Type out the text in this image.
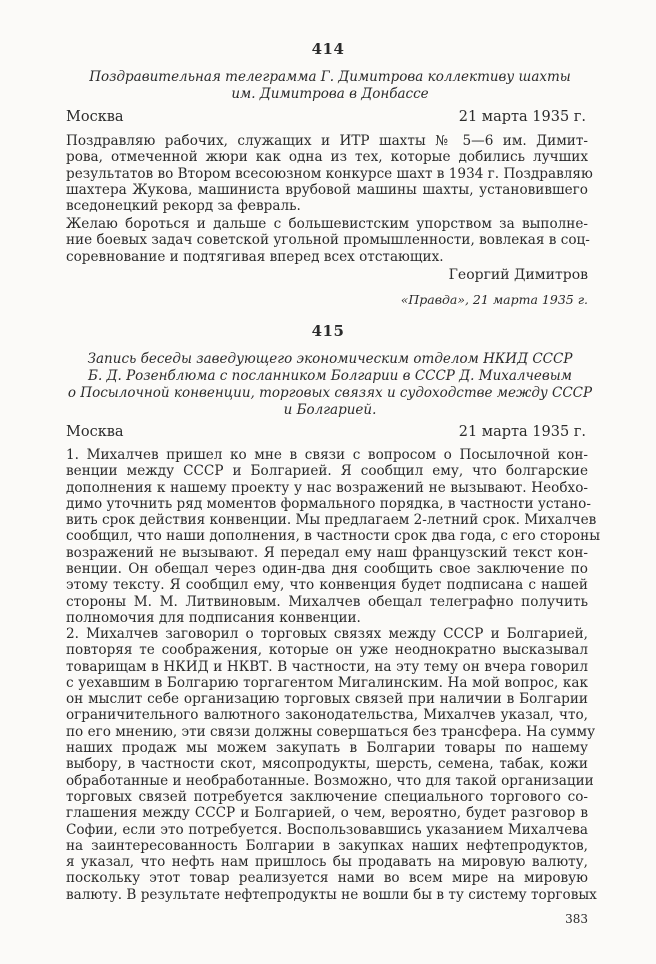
414
Поздравительная телеграмма Г. Димитрова коллективу шахты
им. Димитрова в Донбассе
Москва	21 марта 1935 г.
Поздравляю рабочих, служащих и ИТР шахты № 5—6 им. Димит-
рова, отмеченной жюри как одна из тех, которые добились лучших
результатов во Втором всесоюзном конкурсе шахт в 1934 г. Поздравляю
шахтера Жукова, машиниста врубовой машины шахты, установившего
вседонецкий рекорд за февраль.
Желаю бороться и дальше с большевистским упорством за выполне-
ние боевых задач советской угольной промышленности, вовлекая в соц-
соревнование и подтягивая вперед всех отстающих.
Георгий Димитров
«Правда», 21 марта 1935 г.
415
Запись беседы заведующего экономическим отделом НКИД СССР
Б. Д. Розенблюма с посланником Болгарии в СССР Д. Михалчевым
о Посылочной конвенции, торговых связях и судоходстве между СССР
и Болгарией.
Москва	21 марта 1935 г.
1. Михалчев пришел ко мне в связи с вопросом о Посылочной кон-
венции между СССР и Болгарией. Я сообщил ему, что болгарские
дополнения к нашему проекту у нас возражений не вызывают. Необхо-
димо уточнить ряд моментов формального порядка, в частности устано-
вить срок действия конвенции. Мы предлагаем 2-летний срок. Михалчев
сообщил, что наши дополнения, в частности срок два года, с его стороны
возражений не вызывают. Я передал ему наш французский текст кон-
венции. Он обещал через один-два дня сообщить свое заключение по
этому тексту. Я сообщил ему, что конвенция будет подписана с нашей
стороны М. М. Литвиновым. Михалчев обещал телеграфно получить
полномочия для подписания конвенции.
2. Михалчев заговорил о торговых связях между СССР и Болгарией,
повторяя те соображения, которые он уже неоднократно высказывал
товарищам в НКИД и НКВТ. В частности, на эту тему он вчера говорил
с уехавшим в Болгарию торгагентом Мигалинским. На мой вопрос, как
он мыслит себе организацию торговых связей при наличии в Болгарии
ограничительного валютного законодательства, Михалчев указал, что,
по его мнению, эти связи должны совершаться без трансфера. На сумму
наших продаж мы можем закупать в Болгарии товары по нашему
выбору, в частности скот, мясопродукты, шерсть, семена, табак, кожи
обработанные и необработанные. Возможно, что для такой организации
торговых связей потребуется заключение специального торгового со-
глашения между СССР и Болгарией, о чем, вероятно, будет разговор в
Софии, если это потребуется. Воспользовавшись указанием Михалчева
на заинтересованность Болгарии в закупках наших нефтепродуктов,
я указал, что нефть нам пришлось бы продавать на мировую валюту,
поскольку этот товар реализуется нами во всем мире на мировую
валюту. В результате нефтепродукты не вошли бы в ту систему торговых
383
